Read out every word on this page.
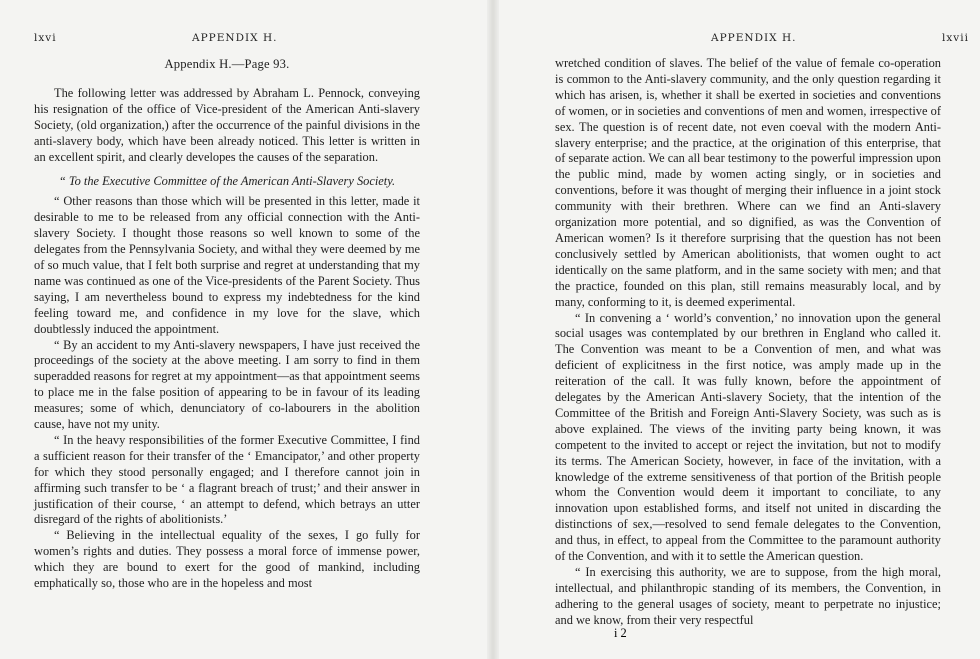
lxvi	APPENDIX H.

Appendix H.—Page 93.

The following letter was addressed by Abraham L. Pennock, conveying his resignation of the office of Vice-president of the American Anti-slavery Society, (old organization,) after the occurrence of the painful divisions in the anti-slavery body, which have been already noticed. This letter is written in an excellent spirit, and clearly developes the causes of the separation.

“ To the Executive Committee of the American Anti-Slavery Society.

“ Other reasons than those which will be presented in this letter, made it desirable to me to be released from any official connection with the Anti-slavery Society. I thought those reasons so well known to some of the delegates from the Pennsylvania Society, and withal they were deemed by me of so much value, that I felt both surprise and regret at understanding that my name was continued as one of the Vice-presidents of the Parent Society. Thus saying, I am nevertheless bound to express my indebtedness for the kind feeling toward me, and confidence in my love for the slave, which doubtlessly induced the appointment.

“ By an accident to my Anti-slavery newspapers, I have just received the proceedings of the society at the above meeting. I am sorry to find in them superadded reasons for regret at my appointment—as that appointment seems to place me in the false position of appearing to be in favour of its leading measures; some of which, denunciatory of co-labourers in the abolition cause, have not my unity.

“ In the heavy responsibilities of the former Executive Committee, I find a sufficient reason for their transfer of the ‘ Emancipator,’ and other property for which they stood personally engaged; and I therefore cannot join in affirming such transfer to be ‘ a flagrant breach of trust;’ and their answer in justification of their course, ‘ an attempt to defend, which betrays an utter disregard of the rights of abolitionists.’

“ Believing in the intellectual equality of the sexes, I go fully for women’s rights and duties. They possess a moral force of immense power, which they are bound to exert for the good of mankind, including emphatically so, those who are in the hopeless and most

APPENDIX H.	lxvii

wretched condition of slaves. The belief of the value of female co-operation is common to the Anti-slavery community, and the only question regarding it which has arisen, is, whether it shall be exerted in societies and conventions of women, or in societies and conventions of men and women, irrespective of sex. The question is of recent date, not even coeval with the modern Anti-slavery enterprise; and the practice, at the origination of this enterprise, that of separate action. We can all bear testimony to the powerful impression upon the public mind, made by women acting singly, or in societies and conventions, before it was thought of merging their influence in a joint stock community with their brethren. Where can we find an Anti-slavery organization more potential, and so dignified, as was the Convention of American women? Is it therefore surprising that the question has not been conclusively settled by American abolitionists, that women ought to act identically on the same platform, and in the same society with men; and that the practice, founded on this plan, still remains measurably local, and by many, conforming to it, is deemed experimental.

“ In convening a ‘ world’s convention,’ no innovation upon the general social usages was contemplated by our brethren in England who called it. The Convention was meant to be a Convention of men, and what was deficient of explicitness in the first notice, was amply made up in the reiteration of the call. It was fully known, before the appointment of delegates by the American Anti-slavery Society, that the intention of the Committee of the British and Foreign Anti-Slavery Society, was such as is above explained. The views of the inviting party being known, it was competent to the invited to accept or reject the invitation, but not to modify its terms. The American Society, however, in face of the invitation, with a knowledge of the extreme sensitiveness of that portion of the British people whom the Convention would deem it important to conciliate, to any innovation upon established forms, and itself not united in discarding the distinctions of sex,—resolved to send female delegates to the Convention, and thus, in effect, to appeal from the Committee to the paramount authority of the Convention, and with it to settle the American question.

“ In exercising this authority, we are to suppose, from the high moral, intellectual, and philanthropic standing of its members, the Convention, in adhering to the general usages of society, meant to perpetrate no injustice; and we know, from their very respectful

i 2
